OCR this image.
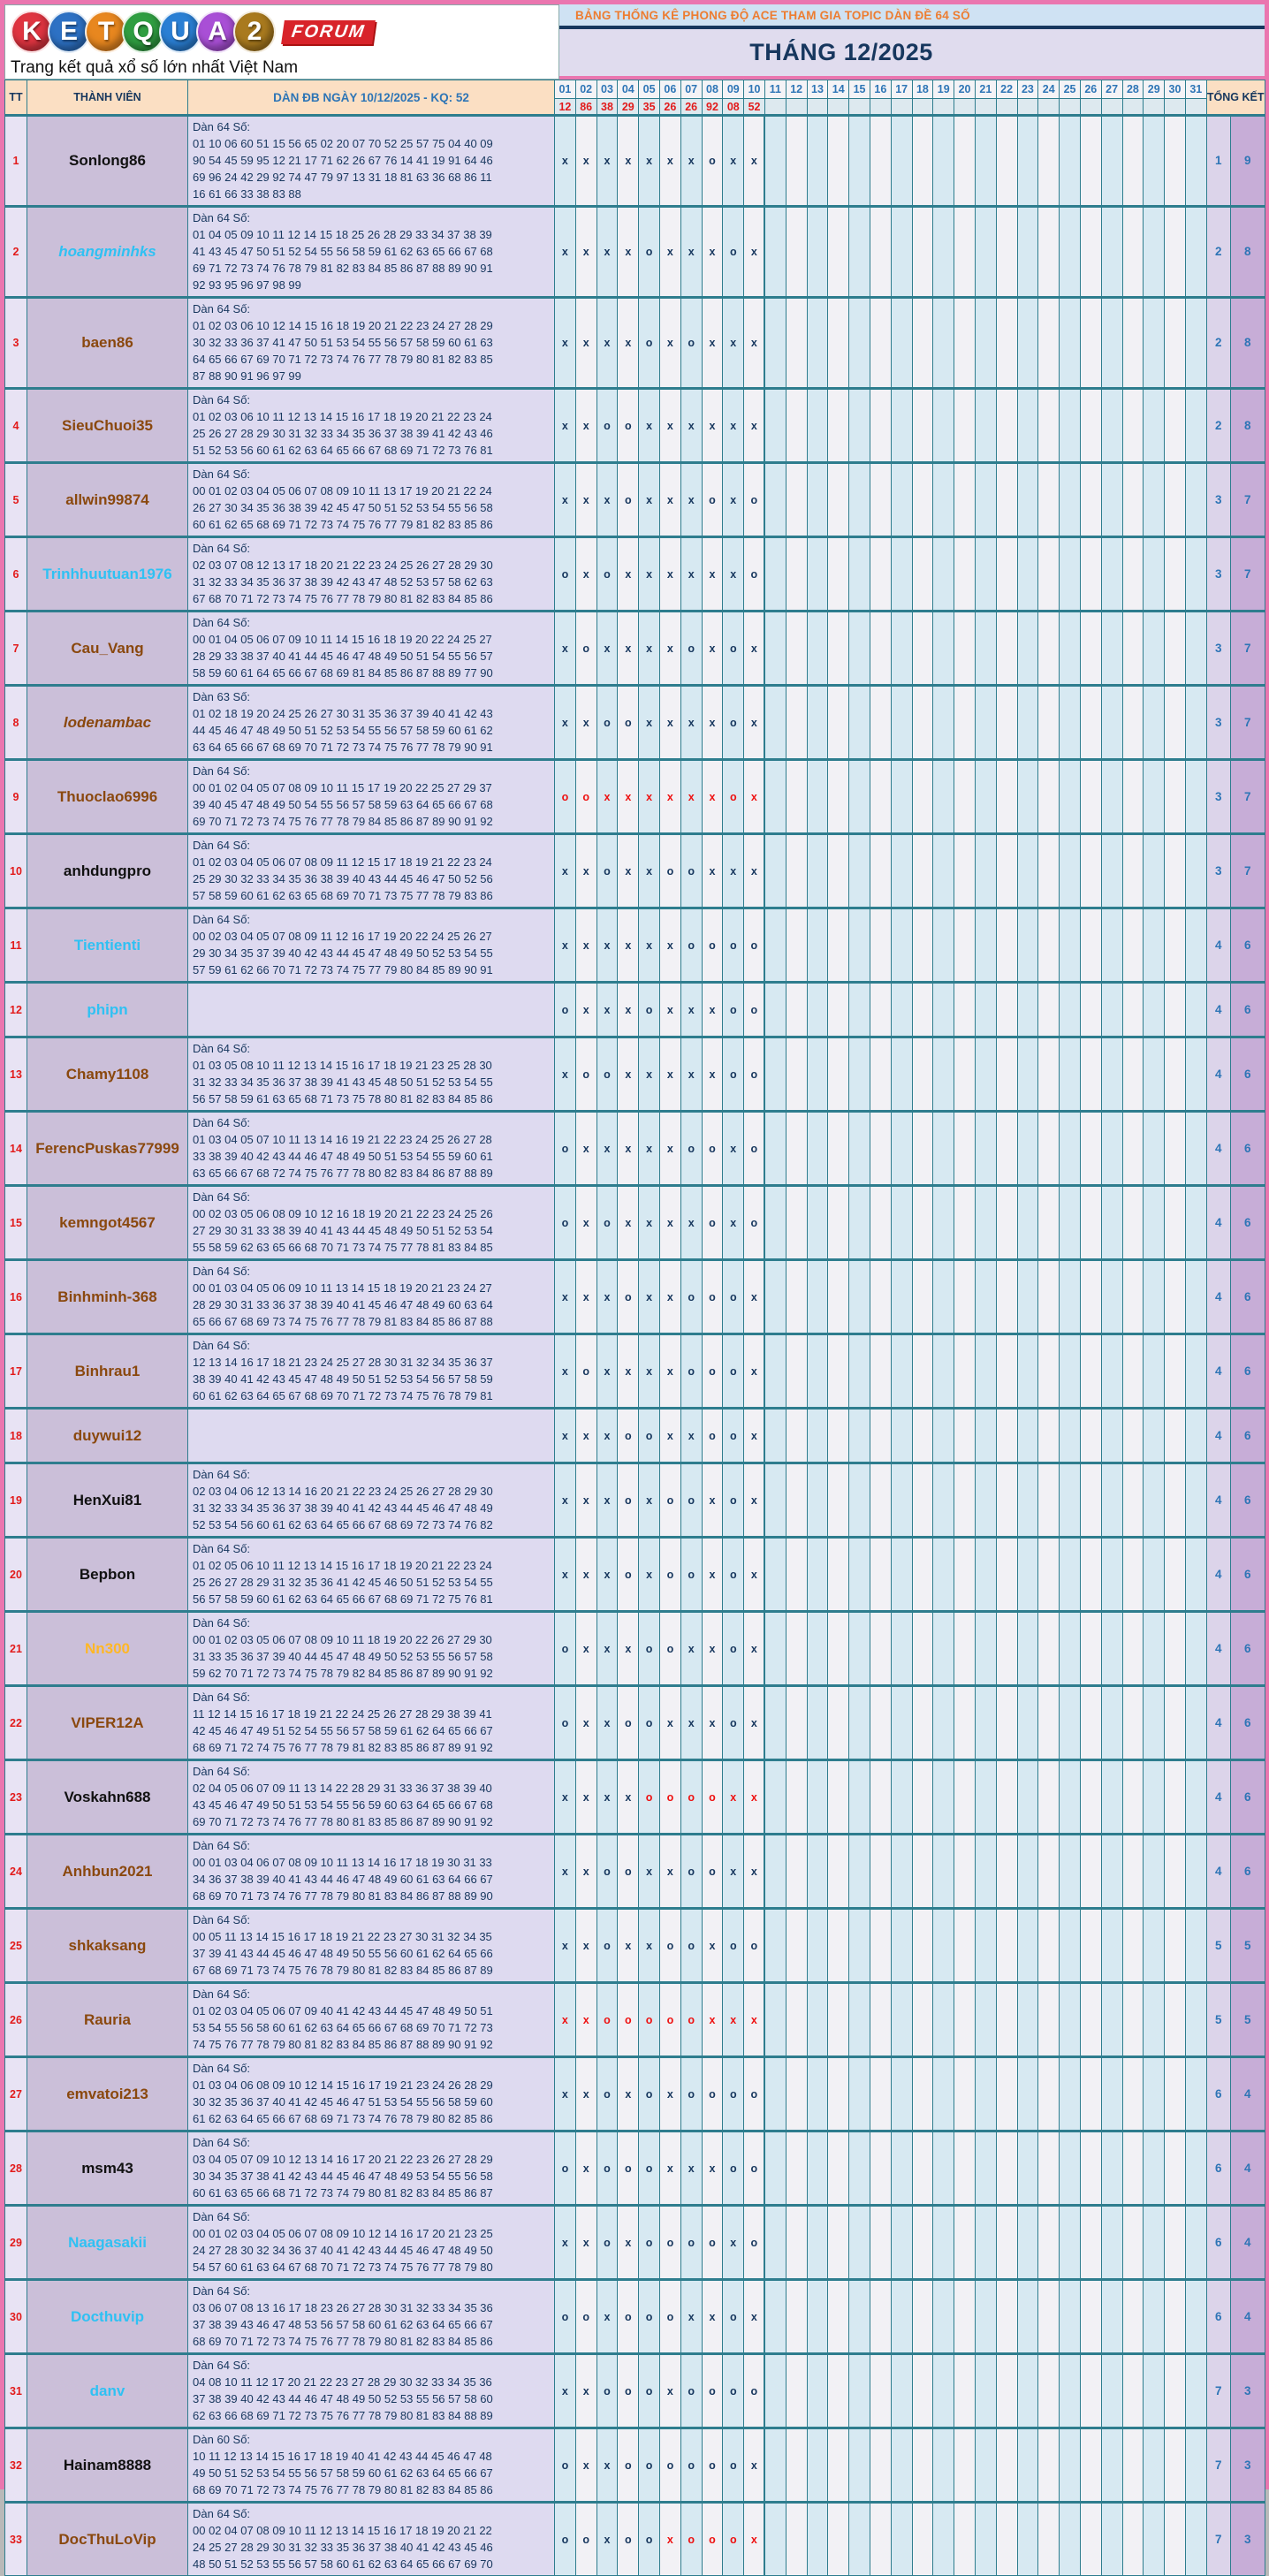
K E T Q U A 2	FORUM
Trang kết quả xổ số lớn nhất Việt Nam
BẢNG THỐNG KÊ PHONG ĐỘ ACE THAM GIA TOPIC DÀN ĐỀ 64 SỐ
THÁNG 12/2025
TT	THÀNH VIÊN	DÀN ĐB NGÀY 10/12/2025 - KQ: 52	01	02	03	04	05	06	07	08	09	10	11	12	13	14	15	16	17	18	19	20	21	22	23	24	25	26	27	28	29	30	31	TỔNG KẾT	
			12	86	38	29	35	26	26	92	08	52																							
1	Sonlong86	Dàn 64 Số:
01 10 06 60 51 15 56 65 02 20 07 70 52 25 57 75 04 40 09
90 54 45 59 95 12 21 17 71 62 26 67 76 14 41 19 91 64 46
69 96 24 42 29 92 74 47 79 97 13 31 18 81 63 36 68 86 11
16 61 66 33 38 83 88	x	x	x	x	x	x	x	o	x	x																						1	9
2	hoangminhks	Dàn 64 Số:
01 04 05 09 10 11 12 14 15 18 25 26 28 29 33 34 37 38 39
41 43 45 47 50 51 52 54 55 56 58 59 61 62 63 65 66 67 68
69 71 72 73 74 76 78 79 81 82 83 84 85 86 87 88 89 90 91
92 93 95 96 97 98 99	x	x	x	x	o	x	x	x	o	x																						2	8
3	baen86	Dàn 64 Số:
01 02 03 06 10 12 14 15 16 18 19 20 21 22 23 24 27 28 29
30 32 33 36 37 41 47 50 51 53 54 55 56 57 58 59 60 61 63
64 65 66 67 69 70 71 72 73 74 76 77 78 79 80 81 82 83 85
87 88 90 91 96 97 99	x	x	x	x	o	x	o	x	x	x																						2	8
4	SieuChuoi35	Dàn 64 Số:
01 02 03 06 10 11 12 13 14 15 16 17 18 19 20 21 22 23 24
25 26 27 28 29 30 31 32 33 34 35 36 37 38 39 41 42 43 46
51 52 53 56 60 61 62 63 64 65 66 67 68 69 71 72 73 76 81	x	x	o	o	x	x	x	x	x	x																						2	8
5	allwin99874	Dàn 64 Số:
00 01 02 03 04 05 06 07 08 09 10 11 13 17 19 20 21 22 24
26 27 30 34 35 36 38 39 42 45 47 50 51 52 53 54 55 56 58
60 61 62 65 68 69 71 72 73 74 75 76 77 79 81 82 83 85 86	x	x	x	o	x	x	x	o	x	o																						3	7
6	Trinhhuutuan1976	Dàn 64 Số:
02 03 07 08 12 13 17 18 20 21 22 23 24 25 26 27 28 29 30
31 32 33 34 35 36 37 38 39 42 43 47 48 52 53 57 58 62 63
67 68 70 71 72 73 74 75 76 77 78 79 80 81 82 83 84 85 86	o	x	o	x	x	x	x	x	x	o																						3	7
7	Cau_Vang	Dàn 64 Số:
00 01 04 05 06 07 09 10 11 14 15 16 18 19 20 22 24 25 27
28 29 33 38 37 40 41 44 45 46 47 48 49 50 51 54 55 56 57
58 59 60 61 64 65 66 67 68 69 81 84 85 86 87 88 89 77 90	x	o	x	x	x	x	o	x	o	x																						3	7
8	lodenambac	Dàn 63 Số:
01 02 18 19 20 24 25 26 27 30 31 35 36 37 39 40 41 42 43
44 45 46 47 48 49 50 51 52 53 54 55 56 57 58 59 60 61 62
63 64 65 66 67 68 69 70 71 72 73 74 75 76 77 78 79 90 91	x	x	o	o	x	x	x	x	o	x																						3	7
9	Thuoclao6996	Dàn 64 Số:
00 01 02 04 05 07 08 09 10 11 15 17 19 20 22 25 27 29 37
39 40 45 47 48 49 50 54 55 56 57 58 59 63 64 65 66 67 68
69 70 71 72 73 74 75 76 77 78 79 84 85 86 87 89 90 91 92	o	o	x	x	x	x	x	x	o	x																						3	7
10	anhdungpro	Dàn 64 Số:
01 02 03 04 05 06 07 08 09 11 12 15 17 18 19 21 22 23 24
25 29 30 32 33 34 35 36 38 39 40 43 44 45 46 47 50 52 56
57 58 59 60 61 62 63 65 68 69 70 71 73 75 77 78 79 83 86	x	x	o	x	x	o	o	x	x	x																						3	7
11	Tientienti	Dàn 64 Số:
00 02 03 04 05 07 08 09 11 12 16 17 19 20 22 24 25 26 27
29 30 34 35 37 39 40 42 43 44 45 47 48 49 50 52 53 54 55
57 59 61 62 66 70 71 72 73 74 75 77 79 80 84 85 89 90 91	x	x	x	x	x	x	o	o	o	o																						4	6
12	phipn		o	x	x	x	o	x	x	x	o	o																						4	6
13	Chamy1108	Dàn 64 Số:
01 03 05 08 10 11 12 13 14 15 16 17 18 19 21 23 25 28 30
31 32 33 34 35 36 37 38 39 41 43 45 48 50 51 52 53 54 55
56 57 58 59 61 63 65 68 71 73 75 78 80 81 82 83 84 85 86	x	o	o	x	x	x	x	x	o	o																						4	6
14	FerencPuskas77999	Dàn 64 Số:
01 03 04 05 07 10 11 13 14 16 19 21 22 23 24 25 26 27 28
33 38 39 40 42 43 44 46 47 48 49 50 51 53 54 55 59 60 61
63 65 66 67 68 72 74 75 76 77 78 80 82 83 84 86 87 88 89	o	x	x	x	x	x	o	o	x	o																						4	6
15	kemngot4567	Dàn 64 Số:
00 02 03 05 06 08 09 10 12 16 18 19 20 21 22 23 24 25 26
27 29 30 31 33 38 39 40 41 43 44 45 48 49 50 51 52 53 54
55 58 59 62 63 65 66 68 70 71 73 74 75 77 78 81 83 84 85	o	x	o	x	x	x	x	o	x	o																						4	6
16	Binhminh-368	Dàn 64 Số:
00 01 03 04 05 06 09 10 11 13 14 15 18 19 20 21 23 24 27
28 29 30 31 33 36 37 38 39 40 41 45 46 47 48 49 60 63 64
65 66 67 68 69 73 74 75 76 77 78 79 81 83 84 85 86 87 88	x	x	x	o	x	x	o	o	o	x																						4	6
17	Binhrau1	Dàn 64 Số:
12 13 14 16 17 18 21 23 24 25 27 28 30 31 32 34 35 36 37
38 39 40 41 42 43 45 47 48 49 50 51 52 53 54 56 57 58 59
60 61 62 63 64 65 67 68 69 70 71 72 73 74 75 76 78 79 81	x	o	x	x	x	x	o	o	o	x																						4	6
18	duywui12		x	x	x	o	o	x	x	o	o	x																						4	6
19	HenXui81	Dàn 64 Số:
02 03 04 06 12 13 14 16 20 21 22 23 24 25 26 27 28 29 30
31 32 33 34 35 36 37 38 39 40 41 42 43 44 45 46 47 48 49
52 53 54 56 60 61 62 63 64 65 66 67 68 69 72 73 74 76 82	x	x	x	o	x	o	o	x	o	x																						4	6
20	Bepbon	Dàn 64 Số:
01 02 05 06 10 11 12 13 14 15 16 17 18 19 20 21 22 23 24
25 26 27 28 29 31 32 35 36 41 42 45 46 50 51 52 53 54 55
56 57 58 59 60 61 62 63 64 65 66 67 68 69 71 72 75 76 81	x	x	x	o	x	o	o	x	o	x																						4	6
21	Nn300	Dàn 64 Số:
00 01 02 03 05 06 07 08 09 10 11 18 19 20 22 26 27 29 30
31 33 35 36 37 39 40 44 45 47 48 49 50 52 53 55 56 57 58
59 62 70 71 72 73 74 75 78 79 82 84 85 86 87 89 90 91 92	o	x	x	x	o	o	x	x	o	x																						4	6
22	VIPER12A	Dàn 64 Số:
11 12 14 15 16 17 18 19 21 22 24 25 26 27 28 29 38 39 41
42 45 46 47 49 51 52 54 55 56 57 58 59 61 62 64 65 66 67
68 69 71 72 74 75 76 77 78 79 81 82 83 85 86 87 89 91 92	o	x	x	o	o	x	x	x	o	x																						4	6
23	Voskahn688	Dàn 64 Số:
02 04 05 06 07 09 11 13 14 22 28 29 31 33 36 37 38 39 40
43 45 46 47 49 50 51 53 54 55 56 59 60 63 64 65 66 67 68
69 70 71 72 73 74 76 77 78 80 81 83 85 86 87 89 90 91 92	x	x	x	x	o	o	o	o	x	x																						4	6
24	Anhbun2021	Dàn 64 Số:
00 01 03 04 06 07 08 09 10 11 13 14 16 17 18 19 30 31 33
34 36 37 38 39 40 41 43 44 46 47 48 49 60 61 63 64 66 67
68 69 70 71 73 74 76 77 78 79 80 81 83 84 86 87 88 89 90	x	x	o	o	x	x	o	o	x	x																						4	6
25	shkaksang	Dàn 64 Số:
00 05 11 13 14 15 16 17 18 19 21 22 23 27 30 31 32 34 35
37 39 41 43 44 45 46 47 48 49 50 55 56 60 61 62 64 65 66
67 68 69 71 73 74 75 76 78 79 80 81 82 83 84 85 86 87 89	x	x	o	x	x	o	o	x	o	o																						5	5
26	Rauria	Dàn 64 Số:
01 02 03 04 05 06 07 09 40 41 42 43 44 45 47 48 49 50 51
53 54 55 56 58 60 61 62 63 64 65 66 67 68 69 70 71 72 73
74 75 76 77 78 79 80 81 82 83 84 85 86 87 88 89 90 91 92	x	x	o	o	o	o	o	x	x	x																						5	5
27	emvatoi213	Dàn 64 Số:
01 03 04 06 08 09 10 12 14 15 16 17 19 21 23 24 26 28 29
30 32 35 36 37 40 41 42 45 46 47 51 53 54 55 56 58 59 60
61 62 63 64 65 66 67 68 69 71 73 74 76 78 79 80 82 85 86	x	x	o	x	o	x	o	o	o	o																						6	4
28	msm43	Dàn 64 Số:
03 04 05 07 09 10 12 13 14 16 17 20 21 22 23 26 27 28 29
30 34 35 37 38 41 42 43 44 45 46 47 48 49 53 54 55 56 58
60 61 63 65 66 68 71 72 73 74 79 80 81 82 83 84 85 86 87	o	x	o	o	o	x	x	x	o	o																						6	4
29	Naagasakii	Dàn 64 Số:
00 01 02 03 04 05 06 07 08 09 10 12 14 16 17 20 21 23 25
24 27 28 30 32 34 36 37 40 41 42 43 44 45 46 47 48 49 50
54 57 60 61 63 64 67 68 70 71 72 73 74 75 76 77 78 79 80	x	x	o	x	o	o	o	o	x	o																						6	4
30	Docthuvip	Dàn 64 Số:
03 06 07 08 13 16 17 18 23 26 27 28 30 31 32 33 34 35 36
37 38 39 43 46 47 48 53 56 57 58 60 61 62 63 64 65 66 67
68 69 70 71 72 73 74 75 76 77 78 79 80 81 82 83 84 85 86	o	o	x	o	o	o	x	x	o	x																						6	4
31	danv	Dàn 64 Số:
04 08 10 11 12 17 20 21 22 23 27 28 29 30 32 33 34 35 36
37 38 39 40 42 43 44 46 47 48 49 50 52 53 55 56 57 58 60
62 63 66 68 69 71 72 73 75 76 77 78 79 80 81 83 84 88 89	x	x	o	o	o	x	o	o	o	o																						7	3
32	Hainam8888	Dàn 60 Số:
10 11 12 13 14 15 16 17 18 19 40 41 42 43 44 45 46 47 48
49 50 51 52 53 54 55 56 57 58 59 60 61 62 63 64 65 66 67
68 69 70 71 72 73 74 75 76 77 78 79 80 81 82 83 84 85 86	o	x	x	o	o	o	o	o	o	x																						7	3
33	DocThuLoVip	Dàn 64 Số:
00 02 04 07 08 09 10 11 12 13 14 15 16 17 18 19 20 21 22
24 25 27 28 29 30 31 32 33 35 36 37 38 40 41 42 43 45 46
48 50 51 52 53 55 56 57 58 60 61 62 63 64 65 66 67 69 70	o	o	x	o	o	x	o	o	o	x																						7	3
